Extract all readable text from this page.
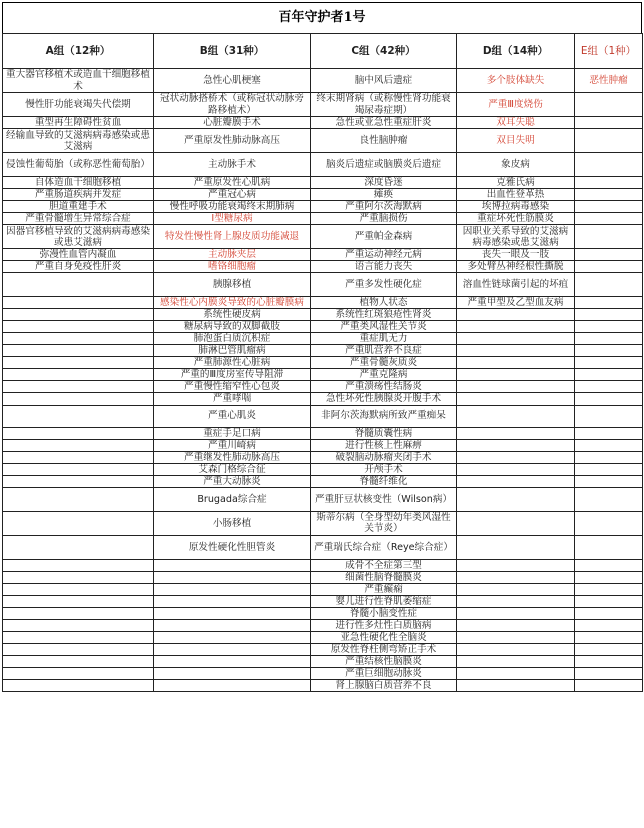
百年守护者1号
A组（12种）	B组（31种）	C组（42种）	D组（14种）	E组（1种）
重大器官移植术或造血干细胞移植术	急性心肌梗塞	脑中风后遗症	多个肢体缺失	恶性肿瘤
慢性肝功能衰竭失代偿期	冠状动脉搭桥术（或称冠状动脉旁路移植术）	终末期肾病（或称慢性肾功能衰竭尿毒症期）	严重Ⅲ度烧伤	
重型再生障碍性贫血	心脏瓣膜手术	急性或亚急性重症肝炎	双耳失聪	
经输血导致的艾滋病病毒感染或患艾滋病	严重原发性肺动脉高压	良性脑肿瘤	双目失明	
侵蚀性葡萄胎（或称恶性葡萄胎）	主动脉手术	脑炎后遗症或脑膜炎后遗症	象皮病	
自体造血干细胞移植	严重原发性心肌病	深度昏迷	克雅氏病	
严重肠道疾病并发症	严重冠心病	瘫痪	出血性登革热	
胆道重建手术	慢性呼吸功能衰竭终末期肺病	严重阿尔茨海默病	埃博拉病毒感染	
严重骨髓增生异常综合症	I型糖尿病	严重脑损伤	重症坏死性筋膜炎	
因器官移植导致的艾滋病病毒感染或患艾滋病	特发性慢性肾上腺皮质功能减退	严重帕金森病	因职业关系导致的艾滋病病毒感染或患艾滋病	
弥漫性血管内凝血	主动脉夹层	严重运动神经元病	丧失一眼及一肢	
严重自身免疫性肝炎	嗜铬细胞瘤	语言能力丧失	多处臂丛神经根性撕脱	
	胰腺移植	严重多发性硬化症	溶血性链球菌引起的坏疽	
	感染性心内膜炎导致的心脏瓣膜病	植物人状态	严重甲型及乙型血友病	
	系统性硬皮病	系统性红斑狼疮性肾炎		
	糖尿病导致的双脚截肢	严重类风湿性关节炎		
	肺泡蛋白质沉积症	重症肌无力		
	肺淋巴管肌瘤病	严重肌营养不良症		
	严重肺源性心脏病	严重骨髓灰质炎		
	严重的Ⅲ度房室传导阻滞	严重克隆病		
	严重慢性缩窄性心包炎	严重溃疡性结肠炎		
	严重哮喘	急性坏死性胰腺炎开腹手术		
	严重心肌炎	非阿尔茨海默病所致严重痴呆		
	重症手足口病	脊髓质囊性病		
	严重川崎病	进行性核上性麻痹		
	严重继发性肺动脉高压	破裂脑动脉瘤夹闭手术		
	艾森门格综合征	开颅手术		
	严重大动脉炎	脊髓纤维化		
	Brugada综合症	严重肝豆状核变性（Wilson病）		
	小肠移植	斯蒂尔病（全身型幼年类风湿性关节炎）		
	原发性硬化性胆管炎	严重瑞氏综合症（Reye综合症）		
		成骨不全症第三型		
		细菌性脑脊髓膜炎		
		严重癫痫		
		婴儿进行性脊肌萎缩症		
		脊髓小脑变性症		
		进行性多灶性白质脑病		
		亚急性硬化性全脑炎		
		原发性脊柱侧弯矫正手术		
		严重结核性脑膜炎		
		严重巨细胞动脉炎		
		肾上腺脑白质营养不良		
